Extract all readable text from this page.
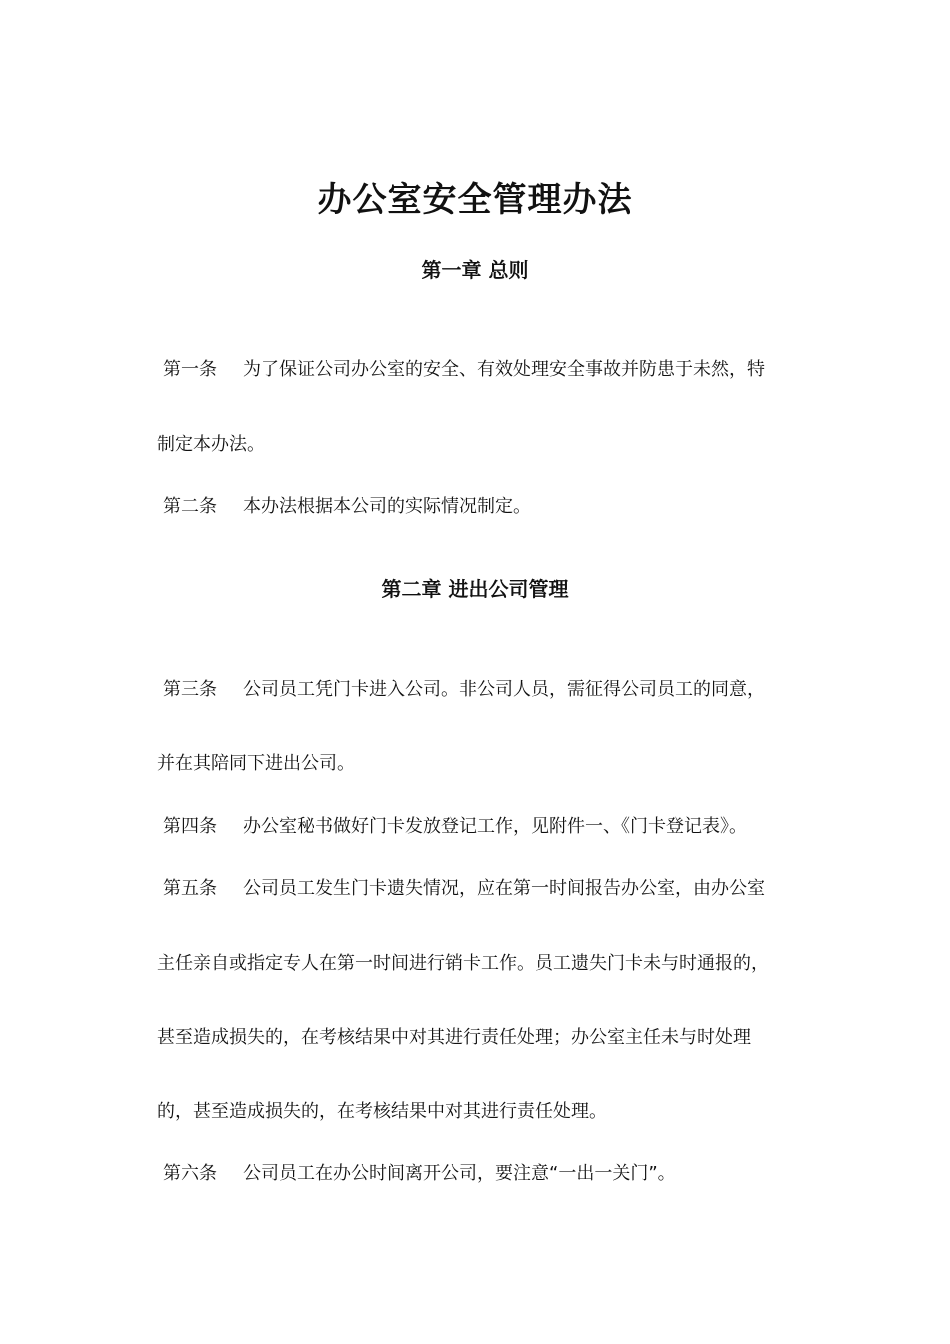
办公室安全管理办法
第一章 总则

第一条 为了保证公司办公室的安全、有效处理安全事故并防患于未然，特

制定本办法。

第二条 本办法根据本公司的实际情况制定。

第二章 进出公司管理

第三条 公司员工凭门卡进入公司。非公司人员，需征得公司员工的同意，

并在其陪同下进出公司。

第四条 办公室秘书做好门卡发放登记工作，见附件一、《门卡登记表》。

第五条 公司员工发生门卡遗失情况，应在第一时间报告办公室，由办公室

主任亲自或指定专人在第一时间进行销卡工作。员工遗失门卡未与时通报的，

甚至造成损失的，在考核结果中对其进行责任处理；办公室主任未与时处理

的，甚至造成损失的，在考核结果中对其进行责任处理。

第六条 公司员工在办公时间离开公司，要注意“一出一关门”。
